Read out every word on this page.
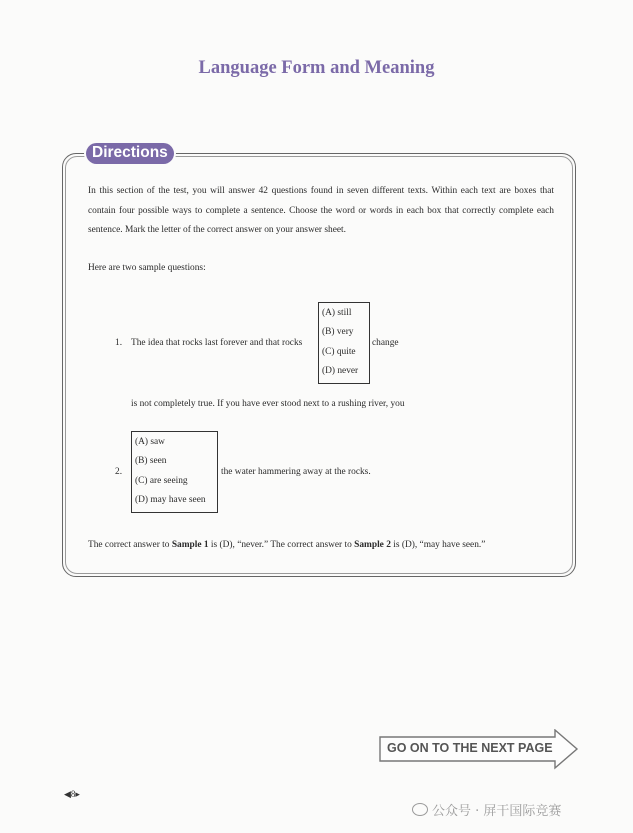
Language Form and Meaning
Directions
In this section of the test, you will answer 42 questions found in seven different texts. Within each text are boxes that contain four possible ways to complete a sentence. Choose the word or words in each box that correctly complete each sentence. Mark the letter of the correct answer on your answer sheet.
Here are two sample questions:
1. The idea that rocks last forever and that rocks
(A) still
(B) very
(C) quite
(D) never
change
is not completely true. If you have ever stood next to a rushing river, you
2.
(A) saw
(B) seen
(C) are seeing
(D) may have seen
the water hammering away at the rocks.
The correct answer to Sample 1 is (D), “never.” The correct answer to Sample 2 is (D), “may have seen.”
GO ON TO THE NEXT PAGE
◀8▸
公众号 · 屏干国际竞赛
